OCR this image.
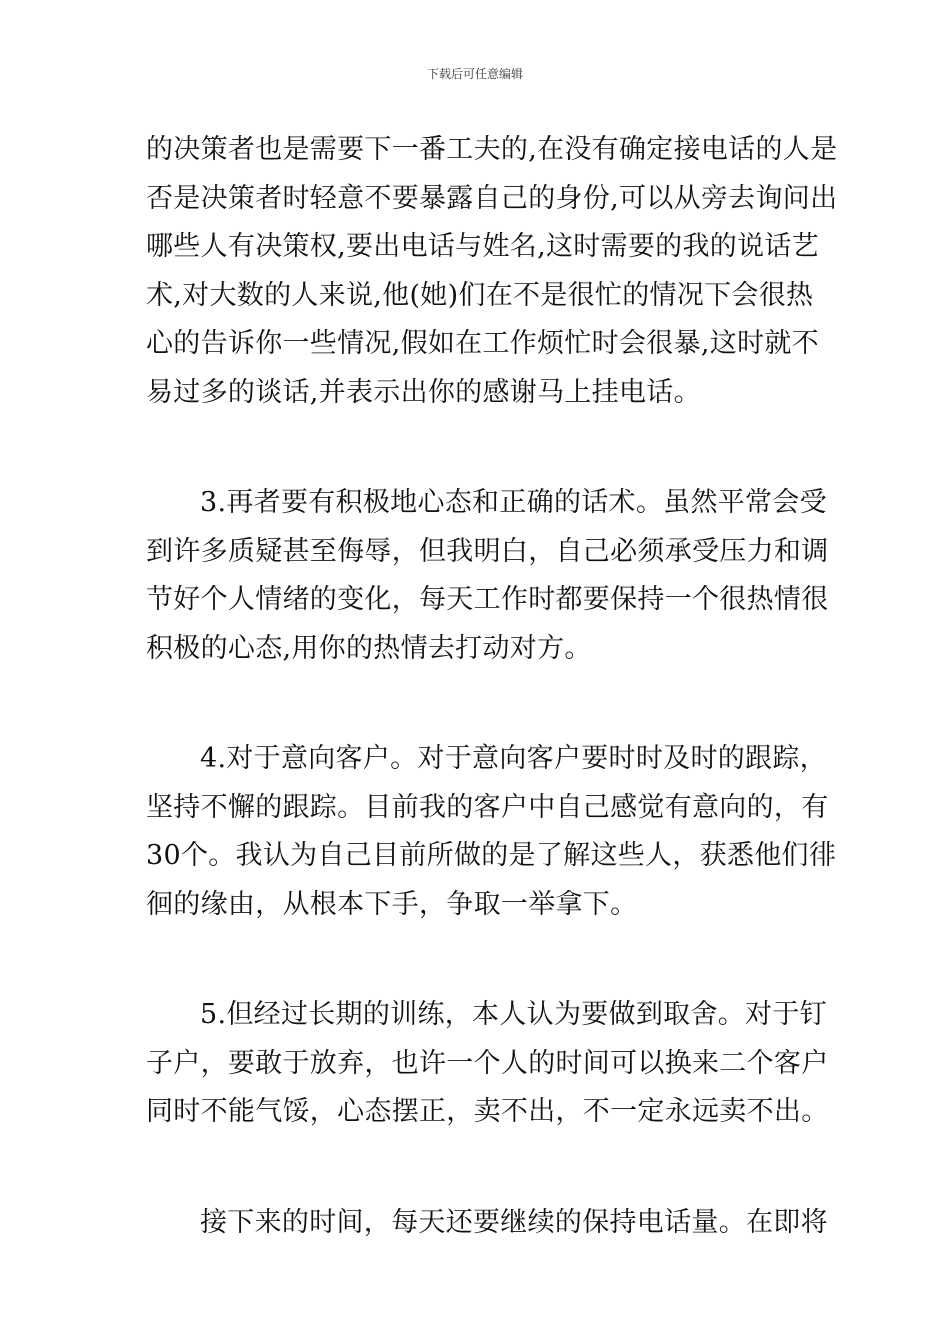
下载后可任意编辑

的决策者也是需要下一番工夫的,在没有确定接电话的人是
否是决策者时轻意不要暴露自己的身份,可以从旁去询问出
哪些人有决策权,要出电话与姓名,这时需要的我的说话艺
术,对大数的人来说,他(她)们在不是很忙的情况下会很热
心的告诉你一些情况,假如在工作烦忙时会很暴,这时就不
易过多的谈话,并表示出你的感谢马上挂电话。

3.再者要有积极地心态和正确的话术。虽然平常会受
到许多质疑甚至侮辱，但我明白，自己必须承受压力和调
节好个人情绪的变化，每天工作时都要保持一个很热情很
积极的心态,用你的热情去打动对方。

4.对于意向客户。对于意向客户要时时及时的跟踪，
坚持不懈的跟踪。目前我的客户中自己感觉有意向的，有
30个。我认为自己目前所做的是了解这些人，获悉他们徘
徊的缘由，从根本下手，争取一举拿下。

5.但经过长期的训练，本人认为要做到取舍。对于钉
子户，要敢于放弃，也许一个人的时间可以换来二个客户
同时不能气馁，心态摆正，卖不出，不一定永远卖不出。

接下来的时间，每天还要继续的保持电话量。在即将
